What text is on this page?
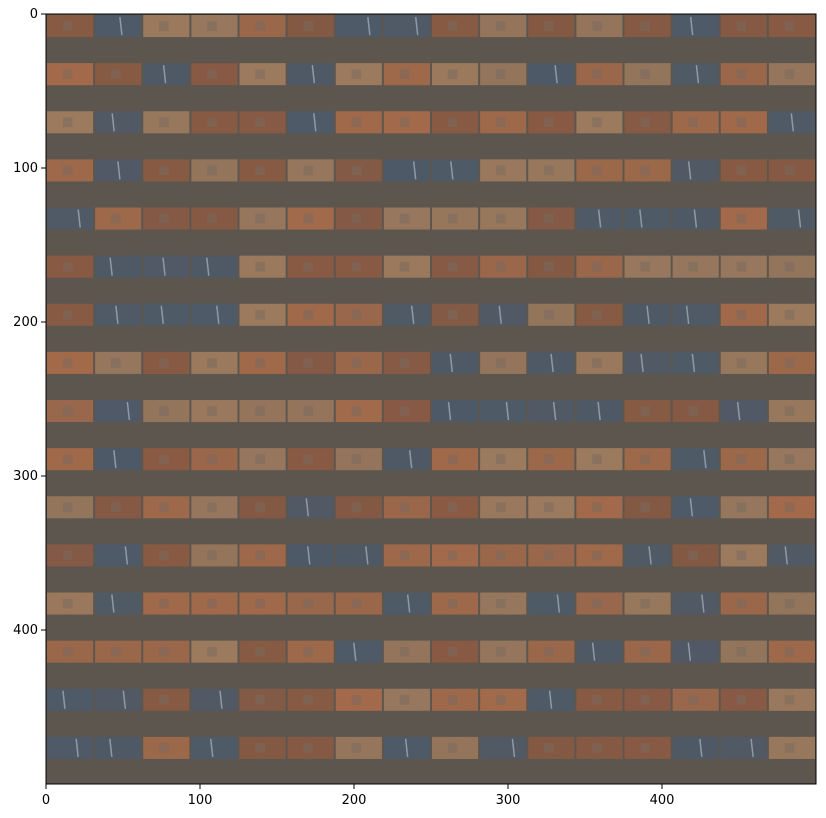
0	100	200	300	400
0
100
200
300
400
